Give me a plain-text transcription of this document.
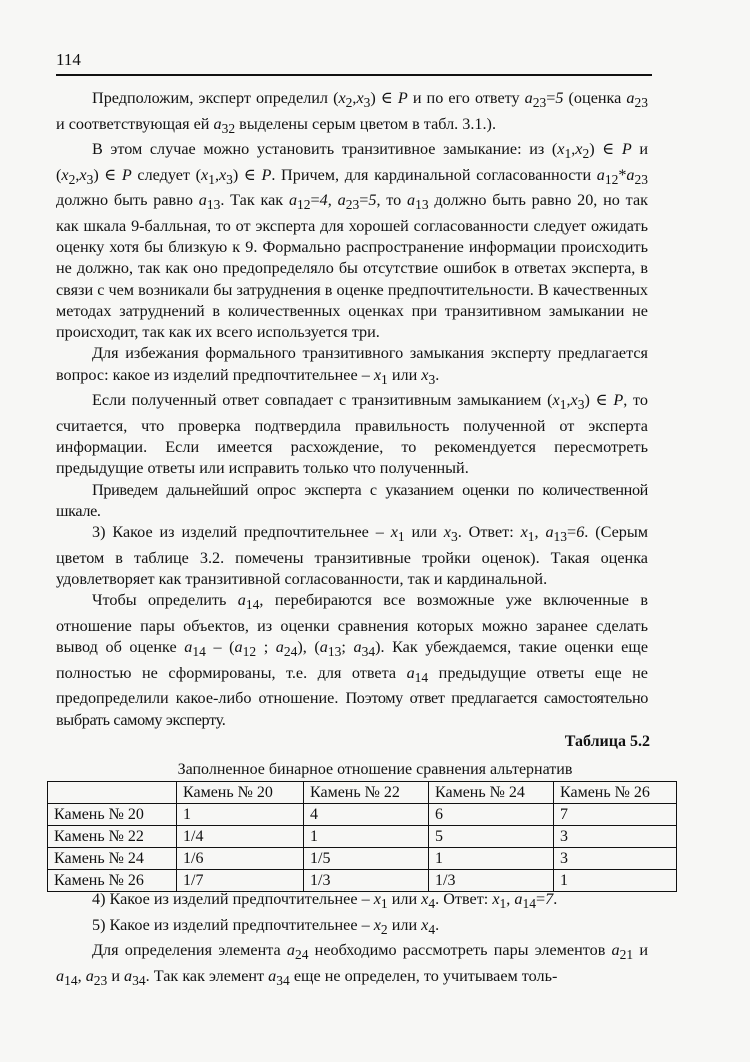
114

Предположим, эксперт определил $(x_2,x_3)$ ∈ P и по его ответу $a_{23}=5$ (оценка $a_{23}$ и соответствующая ей $a_{32}$ выделены серым цветом в табл. 3.1.).

В этом случае можно установить транзитивное замыкание: из $(x_1,x_2)$ ∈ P и $(x_2,x_3)$ ∈ P следует $(x_1,x_3)$ ∈ P. Причем, для кардинальной согласованности $a_{12}*a_{23}$ должно быть равно $a_{13}$. Так как $a_{12}=4$, $a_{23}=5$, то $a_{13}$ должно быть равно 20, но так как шкала 9-балльная, то от эксперта для хорошей согласованности следует ожидать оценку хотя бы близкую к 9. Формально распространение информации происходить не должно, так как оно предопределяло бы отсутствие ошибок в ответах эксперта, в связи с чем возникали бы затруднения в оценке предпочтительности. В качественных методах затруднений в количественных оценках при транзитивном замыкании не происходит, так как их всего используется три.

Для избежания формального транзитивного замыкания эксперту предлагается вопрос: какое из изделий предпочтительнее – $x_1$ или $x_3$.

Если полученный ответ совпадает с транзитивным замыканием $(x_1,x_3)$ ∈ P, то считается, что проверка подтвердила правильность полученной от эксперта информации. Если имеется расхождение, то рекомендуется пересмотреть предыдущие ответы или исправить только что полученный.

Приведем дальнейший опрос эксперта с указанием оценки по количественной шкале.

3) Какое из изделий предпочтительнее – $x_1$ или $x_3$. Ответ: $x_1$, $a_{13}=6$. (Серым цветом в таблице 3.2. помечены транзитивные тройки оценок). Такая оценка удовлетворяет как транзитивной согласованности, так и кардинальной.

Чтобы определить $a_{14}$, перебираются все возможные уже включенные в отношение пары объектов, из оценки сравнения которых можно заранее сделать вывод об оценке $a_{14} - (a_{12}$ ; $a_{24}$), ($a_{13}$; $a_{34}$). Как убеждаемся, такие оценки еще полностью не сформированы, т.е. для ответа $a_{14}$ предыдущие ответы еще не предопределили какое-либо отношение. Поэтому ответ предлагается самостоятельно выбрать самому эксперту.

Таблица 5.2
Заполненное бинарное отношение сравнения альтернатив
	Камень № 20	Камень № 22	Камень № 24	Камень № 26
Камень № 20	1	4	6	7
Камень № 22	1/4	1	5	3
Камень № 24	1/6	1/5	1	3
Камень № 26	1/7	1/3	1/3	1

4) Какое из изделий предпочтительнее – $x_1$ или $x_4$. Ответ: $x_1$, $a_{14}=7$.

5) Какое из изделий предпочтительнее – $x_2$ или $x_4$.

Для определения элемента $a_{24}$ необходимо рассмотреть пары элементов $a_{21}$ и $a_{14}$, $a_{23}$ и $a_{34}$. Так как элемент $a_{34}$ еще не определен, то учитываем толь-
